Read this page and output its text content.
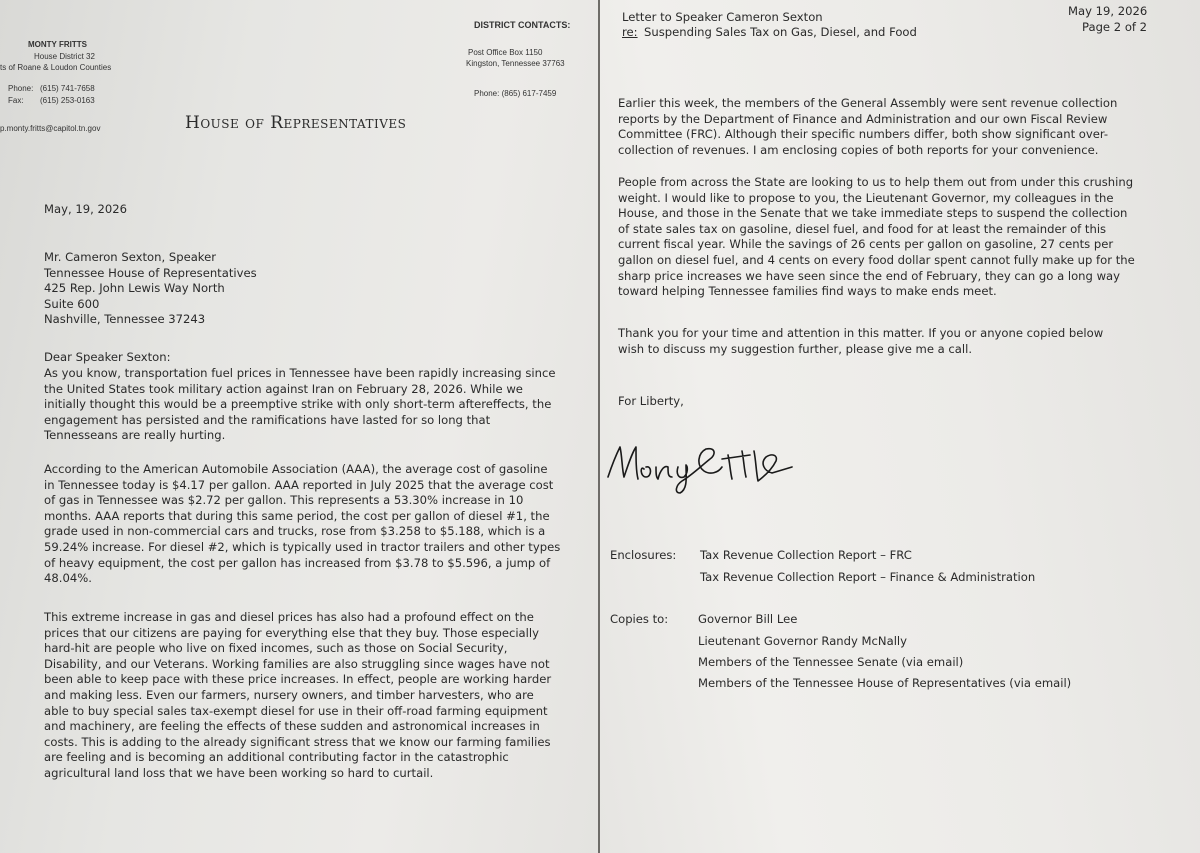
MONTY FRITTS
House District 32
ts of Roane & Loudon Counties
Phone: (615) 741-7658
Fax: (615) 253-0163
p.monty.fritts@capitol.tn.gov	House of Representatives
DISTRICT CONTACTS:
Post Office Box 1150
Kingston, Tennessee 37763
Phone: (865) 617-7459
May, 19, 2026
Mr. Cameron Sexton, Speaker
Tennessee House of Representatives
425 Rep. John Lewis Way North
Suite 600
Nashville, Tennessee 37243
Dear Speaker Sexton:
As you know, transportation fuel prices in Tennessee have been rapidly increasing since
the United States took military action against Iran on February 28, 2026. While we
initially thought this would be a preemptive strike with only short-term aftereffects, the
engagement has persisted and the ramifications have lasted for so long that
Tennesseans are really hurting.
According to the American Automobile Association (AAA), the average cost of gasoline
in Tennessee today is $4.17 per gallon. AAA reported in July 2025 that the average cost
of gas in Tennessee was $2.72 per gallon. This represents a 53.30% increase in 10
months. AAA reports that during this same period, the cost per gallon of diesel #1, the
grade used in non-commercial cars and trucks, rose from $3.258 to $5.188, which is a
59.24% increase. For diesel #2, which is typically used in tractor trailers and other types
of heavy equipment, the cost per gallon has increased from $3.78 to $5.596, a jump of
48.04%.
This extreme increase in gas and diesel prices has also had a profound effect on the
prices that our citizens are paying for everything else that they buy. Those especially
hard-hit are people who live on fixed incomes, such as those on Social Security,
Disability, and our Veterans. Working families are also struggling since wages have not
been able to keep pace with these price increases. In effect, people are working harder
and making less. Even our farmers, nursery owners, and timber harvesters, who are
able to buy special sales tax-exempt diesel for use in their off-road farming equipment
and machinery, are feeling the effects of these sudden and astronomical increases in
costs. This is adding to the already significant stress that we know our farming families
are feeling and is becoming an additional contributing factor in the catastrophic
agricultural land loss that we have been working so hard to curtail.
Letter to Speaker Cameron Sexton
re: Suspending Sales Tax on Gas, Diesel, and Food
May 19, 2026
Page 2 of 2
Earlier this week, the members of the General Assembly were sent revenue collection
reports by the Department of Finance and Administration and our own Fiscal Review
Committee (FRC). Although their specific numbers differ, both show significant over-
collection of revenues. I am enclosing copies of both reports for your convenience.
People from across the State are looking to us to help them out from under this crushing
weight. I would like to propose to you, the Lieutenant Governor, my colleagues in the
House, and those in the Senate that we take immediate steps to suspend the collection
of state sales tax on gasoline, diesel fuel, and food for at least the remainder of this
current fiscal year. While the savings of 26 cents per gallon on gasoline, 27 cents per
gallon on diesel fuel, and 4 cents on every food dollar spent cannot fully make up for the
sharp price increases we have seen since the end of February, they can go a long way
toward helping Tennessee families find ways to make ends meet.
Thank you for your time and attention in this matter. If you or anyone copied below
wish to discuss my suggestion further, please give me a call.
For Liberty,
Enclosures: Tax Revenue Collection Report – FRC
Tax Revenue Collection Report – Finance & Administration
Copies to:	Governor Bill Lee
Lieutenant Governor Randy McNally
Members of the Tennessee Senate (via email)
Members of the Tennessee House of Representatives (via email)
